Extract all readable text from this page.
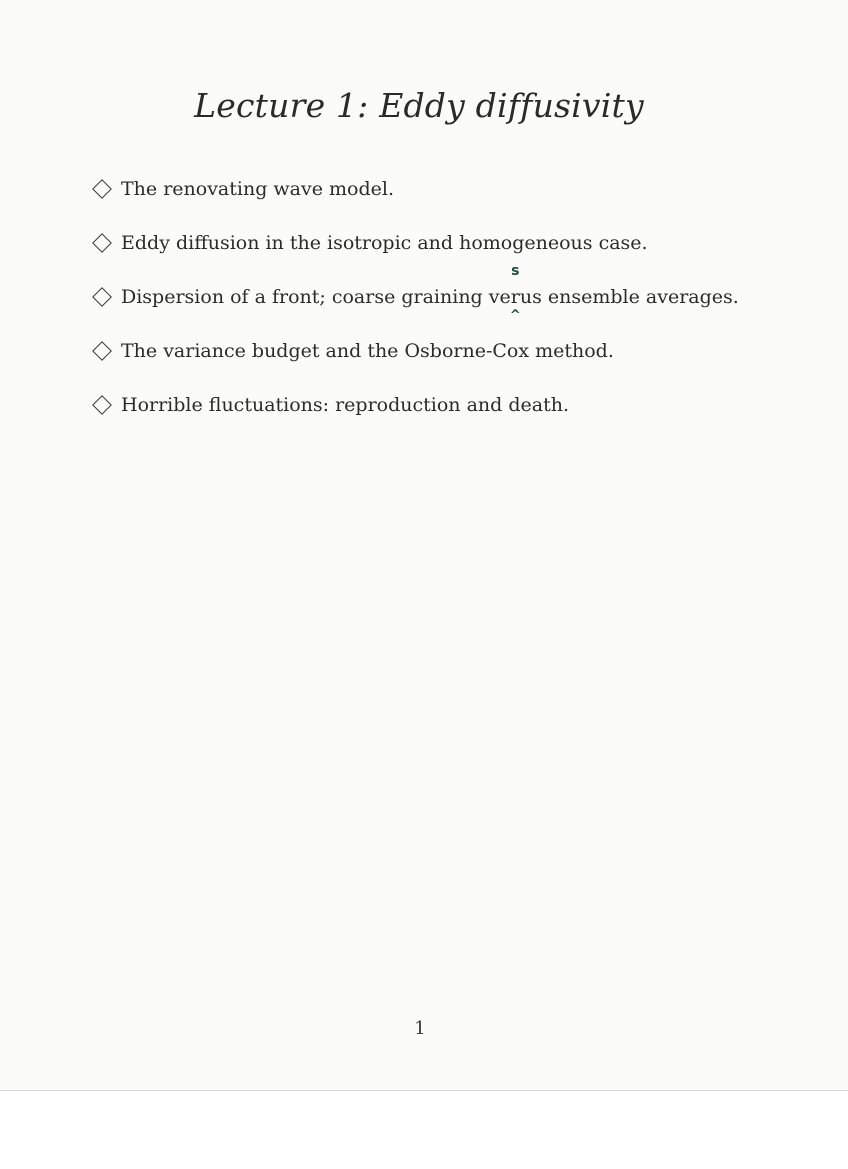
Lecture 1: Eddy diffusivity
The renovating wave model.
Eddy diffusion in the isotropic and homogeneous case.
Dispersion of a front; coarse graining ver
s
^
us ensemble averages.
The variance budget and the Osborne-Cox method.
Horrible fluctuations: reproduction and death.
1
